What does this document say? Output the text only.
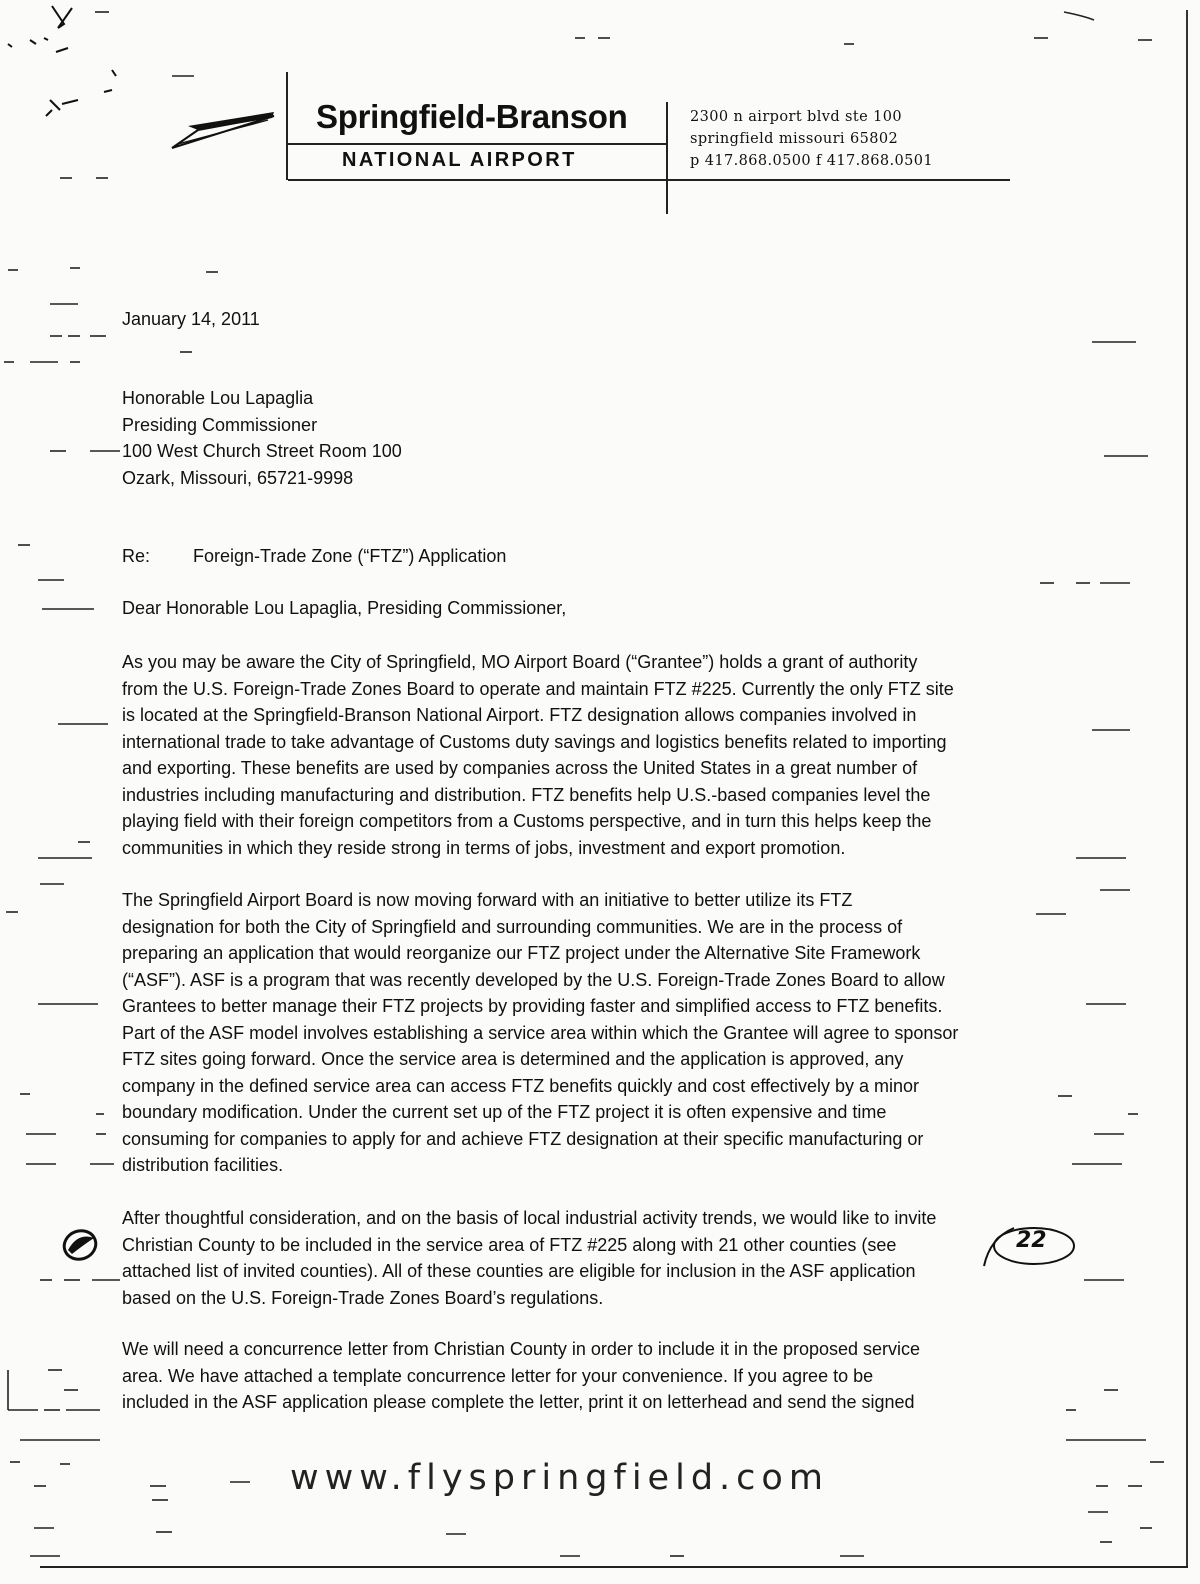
Springfield-Branson
NATIONAL AIRPORT
2300 n airport blvd ste 100
springfield missouri 65802
p 417.868.0500 f 417.868.0501
January 14, 2011
Honorable Lou Lapaglia
Presiding Commissioner
100 West Church Street Room 100
Ozark, Missouri, 65721-9998
Re: Foreign-Trade Zone (“FTZ”) Application
Dear Honorable Lou Lapaglia, Presiding Commissioner,
As you may be aware the City of Springfield, MO Airport Board (“Grantee”) holds a grant of authority
from the U.S. Foreign-Trade Zones Board to operate and maintain FTZ #225. Currently the only FTZ site
is located at the Springfield-Branson National Airport. FTZ designation allows companies involved in
international trade to take advantage of Customs duty savings and logistics benefits related to importing
and exporting. These benefits are used by companies across the United States in a great number of
industries including manufacturing and distribution. FTZ benefits help U.S.-based companies level the
playing field with their foreign competitors from a Customs perspective, and in turn this helps keep the
communities in which they reside strong in terms of jobs, investment and export promotion.
The Springfield Airport Board is now moving forward with an initiative to better utilize its FTZ
designation for both the City of Springfield and surrounding communities. We are in the process of
preparing an application that would reorganize our FTZ project under the Alternative Site Framework
(“ASF”). ASF is a program that was recently developed by the U.S. Foreign-Trade Zones Board to allow
Grantees to better manage their FTZ projects by providing faster and simplified access to FTZ benefits.
Part of the ASF model involves establishing a service area within which the Grantee will agree to sponsor
FTZ sites going forward. Once the service area is determined and the application is approved, any
company in the defined service area can access FTZ benefits quickly and cost effectively by a minor
boundary modification. Under the current set up of the FTZ project it is often expensive and time
consuming for companies to apply for and achieve FTZ designation at their specific manufacturing or
distribution facilities.
After thoughtful consideration, and on the basis of local industrial activity trends, we would like to invite
Christian County to be included in the service area of FTZ #225 along with 21 other counties (see
attached list of invited counties). All of these counties are eligible for inclusion in the ASF application
based on the U.S. Foreign-Trade Zones Board’s regulations.
We will need a concurrence letter from Christian County in order to include it in the proposed service
area. We have attached a template concurrence letter for your convenience. If you agree to be
included in the ASF application please complete the letter, print it on letterhead and send the signed
22
www.flyspringfield.com
